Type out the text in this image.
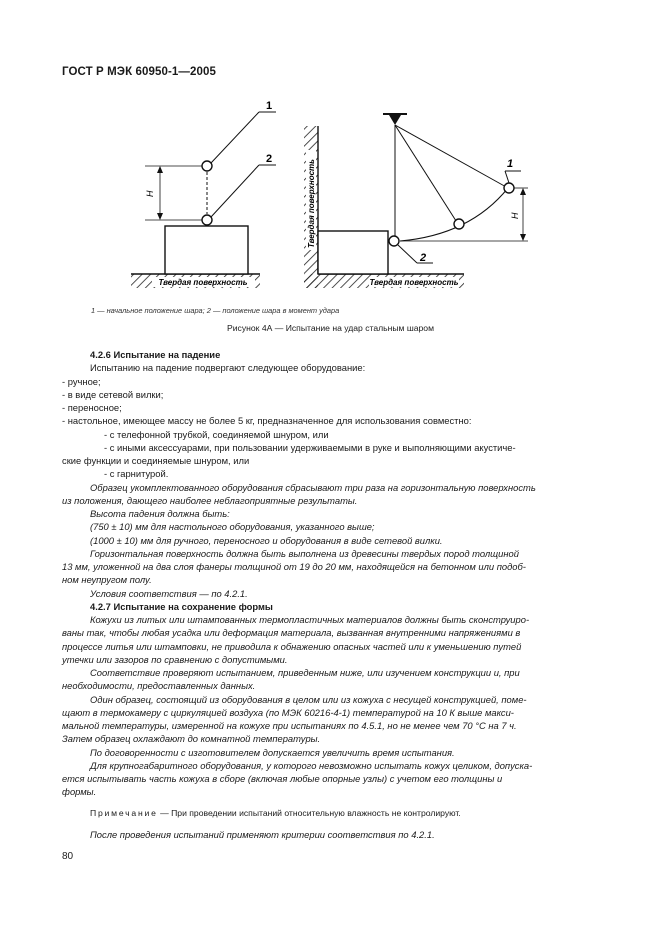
ГОСТ Р МЭК 60950-1—2005
Твердая поверхность
H
1
2
Твердая поверхность
Твердая поверхность
H
1
2
1 — начальное положение шара; 2 — положение шара в момент удара
Рисунок 4А — Испытание на удар стальным шаром

4.2.6 Испытание на падение

Испытанию на падение подвергают следующее оборудование:

- ручное;

- в виде сетевой вилки;

- переносное;

- настольное, имеющее массу не более 5 кг, предназначенное для использования совместно:

- с телефонной трубкой, соединяемой шнуром, или

- с иными аксессуарами, при пользовании удерживаемыми в руке и выполняющими акустиче-

ские функции и соединяемые шнуром, или

- с гарнитурой.

Образец укомплектованного оборудования сбрасывают три раза на горизонтальную поверхность

из положения, дающего наиболее неблагоприятные результаты.

Высота падения должна быть:

(750 ± 10) мм для настольного оборудования, указанного выше;

(1000 ± 10) мм для ручного, переносного и оборудования в виде сетевой вилки.

Горизонтальная поверхность должна быть выполнена из древесины твердых пород толщиной

13 мм, уложенной на два слоя фанеры толщиной от 19 до 20 мм, находящейся на бетонном или подоб-

ном неупругом полу.

Условия соответствия — по 4.2.1.

4.2.7 Испытание на сохранение формы

Кожухи из литых или штампованных термопластичных материалов должны быть сконструиро-

ваны так, чтобы любая усадка или деформация материала, вызванная внутренними напряжениями в

процессе литья или штамповки, не приводила к обнажению опасных частей или к уменьшению путей

утечки или зазоров по сравнению с допустимыми.

Соответствие проверяют испытанием, приведенным ниже, или изучением конструкции и, при

необходимости, предоставленных данных.

Один образец, состоящий из оборудования в целом или из кожуха с несущей конструкцией, поме-

щают в термокамеру с циркуляцией воздуха (по МЭК 60216-4-1) температурой на 10 К выше макси-

мальной температуры, измеренной на кожухе при испытаниях по 4.5.1, но не менее чем 70 °С на 7 ч.

Затем образец охлаждают до комнатной температуры.

По договоренности с изготовителем допускается увеличить время испытания.

Для крупногабаритного оборудования, у которого невозможно испытать кожух целиком, допуска-

ется испытывать часть кожуха в сборе (включая любые опорные узлы) с учетом его толщины и

формы.

Примечание — При проведении испытаний относительную влажность не контролируют.
После проведения испытаний применяют критерии соответствия по 4.2.1.
80
